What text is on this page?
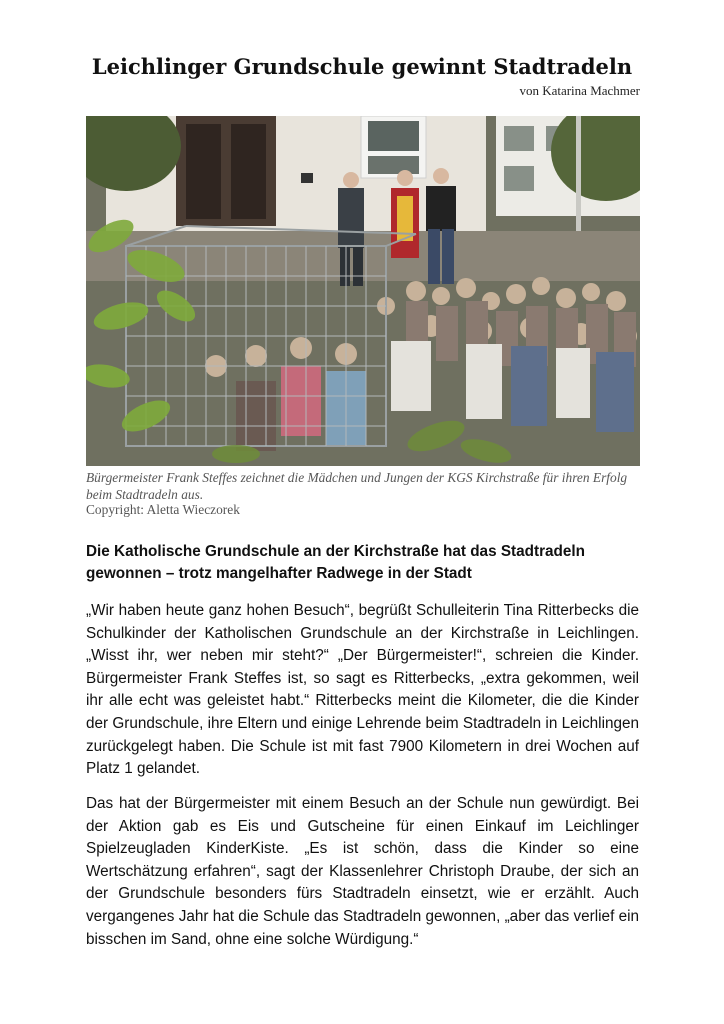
Leichlinger Grundschule gewinnt Stadtradeln
von Katarina Machmer
Bürgermeister Frank Steffes zeichnet die Mädchen und Jungen der KGS Kirchstraße für ihren Erfolg beim Stadtradeln aus.
Copyright: Aletta Wieczorek
Die Katholische Grundschule an der Kirchstraße hat das Stadtradeln gewonnen – trotz mangelhafter Radwege in der Stadt

„Wir haben heute ganz hohen Besuch“, begrüßt Schulleiterin Tina Ritterbecks die Schulkinder der Katholischen Grundschule an der Kirchstraße in Leichlingen. „Wisst ihr, wer neben mir steht?“ „Der Bürgermeister!“, schreien die Kinder. Bürgermeister Frank Steffes ist, so sagt es Ritterbecks, „extra gekommen, weil ihr alle echt was geleistet habt.“ Ritterbecks meint die Kilometer, die die Kinder der Grundschule, ihre Eltern und einige Lehrende beim Stadtradeln in Leichlingen zurückgelegt haben. Die Schule ist mit fast 7900 Kilometern in drei Wochen auf Platz 1 gelandet.

Das hat der Bürgermeister mit einem Besuch an der Schule nun gewürdigt. Bei der Aktion gab es Eis und Gutscheine für einen Einkauf im Leichlinger Spielzeugladen KinderKiste. „Es ist schön, dass die Kinder so eine Wertschätzung erfahren“, sagt der Klassenlehrer Christoph Draube, der sich an der Grundschule besonders fürs Stadtradeln einsetzt, wie er erzählt. Auch vergangenes Jahr hat die Schule das Stadtradeln gewonnen, „aber das verlief ein bisschen im Sand, ohne eine solche Würdigung.“
